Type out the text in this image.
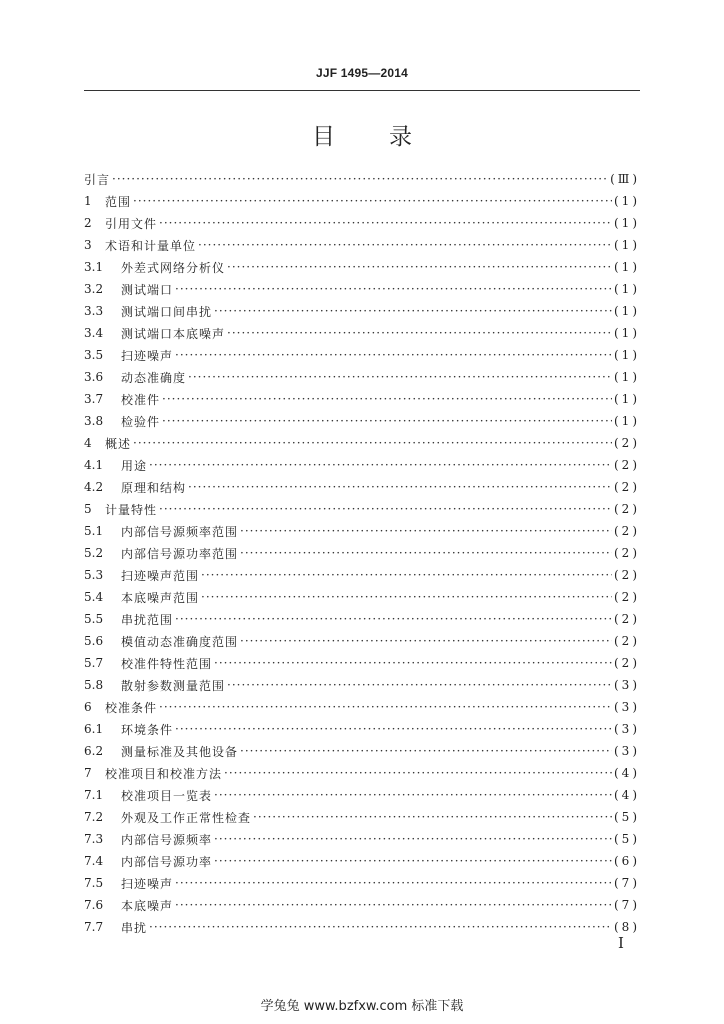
JJF 1495—2014
目 录
引言 ·····	(Ⅲ)
1	范围 ·····	(1)
2	引用文件 ·····	(1)
3	术语和计量单位 ·····	(1)
3.1	外差式网络分析仪 ·····	(1)
3.2	测试端口 ·····	(1)
3.3	测试端口间串扰 ·····	(1)
3.4	测试端口本底噪声 ·····	(1)
3.5	扫迹噪声 ·····	(1)
3.6	动态准确度 ·····	(1)
3.7	校准件 ·····	(1)
3.8	检验件 ·····	(1)
4	概述 ·····	(2)
4.1	用途 ·····	(2)
4.2	原理和结构 ·····	(2)
5	计量特性 ·····	(2)
5.1	内部信号源频率范围 ·····	(2)
5.2	内部信号源功率范围 ·····	(2)
5.3	扫迹噪声范围 ·····	(2)
5.4	本底噪声范围 ·····	(2)
5.5	串扰范围 ·····	(2)
5.6	模值动态准确度范围 ·····	(2)
5.7	校准件特性范围 ·····	(2)
5.8	散射参数测量范围 ·····	(3)
6	校准条件 ·····	(3)
6.1	环境条件 ·····	(3)
6.2	测量标准及其他设备 ·····	(3)
7	校准项目和校准方法 ·····	(4)
7.1	校准项目一览表 ·····	(4)
7.2	外观及工作正常性检查 ·····	(5)
7.3	内部信号源频率 ·····	(5)
7.4	内部信号源功率 ·····	(6)
7.5	扫迹噪声 ·····	(7)
7.6	本底噪声 ·····	(7)
7.7	串扰 ·····	(8)
I
学兔兔 www.bzfxw.com 标准下载
